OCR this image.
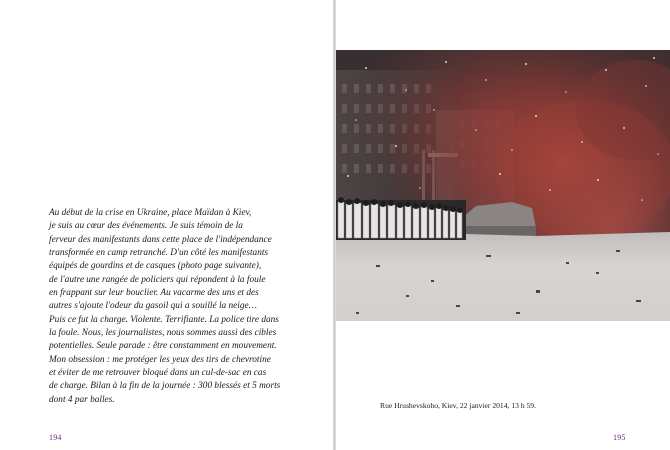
Au début de la crise en Ukraine, place Maïdan à Kiev,
je suis au cœur des événements. Je suis témoin de la
ferveur des manifestants dans cette place de l'indépendance
transformée en camp retranché. D'un côté les manifestants
équipés de gourdins et de casques (photo page suivante),
de l'autre une rangée de policiers qui répondent à la foule
en frappant sur leur bouclier. Au vacarme des uns et des
autres s'ajoute l'odeur du gasoil qui a souillé la neige…
Puis ce fut la charge. Violente. Terrifiante. La police tire dans
la foule. Nous, les journalistes, nous sommes aussi des cibles
potentielles. Seule parade : être constamment en mouvement.
Mon obsession : me protéger les yeux des tirs de chevrotine
et éviter de me retrouver bloqué dans un cul-de-sac en cas
de charge. Bilan à la fin de la journée : 300 blessés et 5 morts
dont 4 par balles.

194
Rue Hrushevskoho, Kiev, 22 janvier 2014, 13 h 59.
195
